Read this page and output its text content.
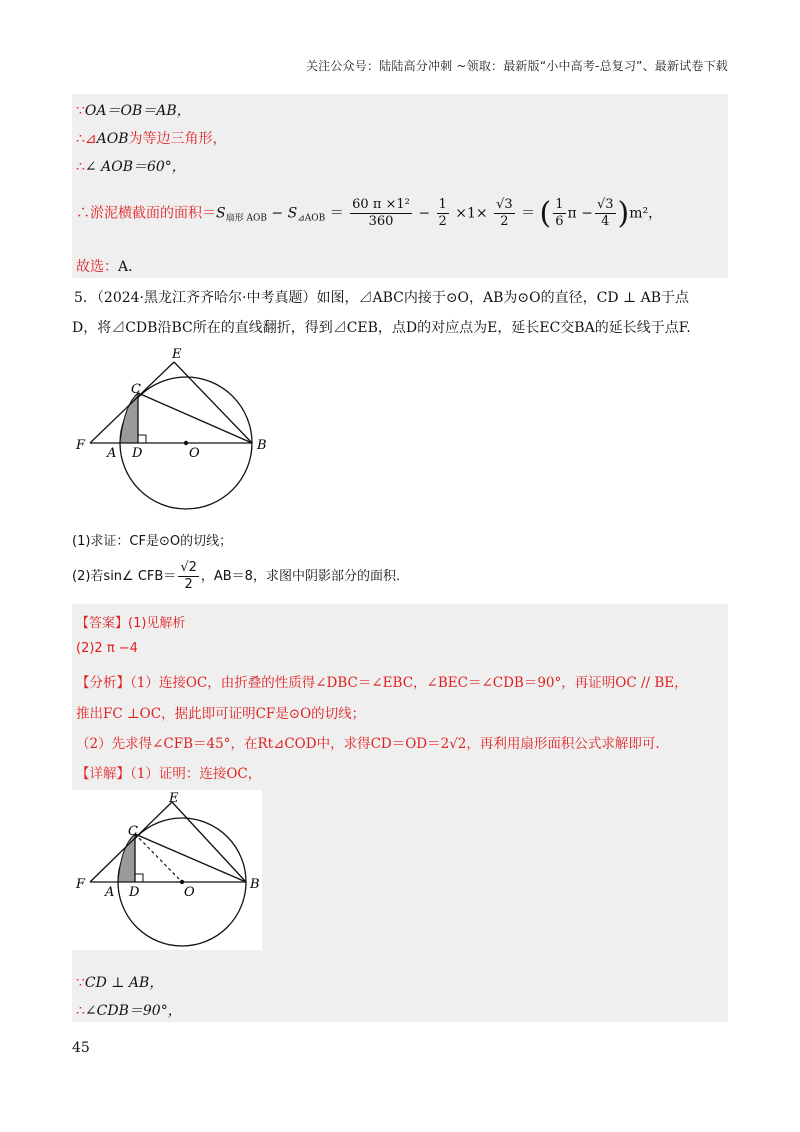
关注公众号：陆陆高分冲刺 ~领取：最新版“小中高考-总复习”、最新试卷下载
∵OA＝OB＝AB，
∴⊿AOB为等边三角形，
∴∠ AOB＝60°，
∴淤泥横截面的面积$=S_{扇形 AOB} - S_{⊿AOB} = \frac{\text{60 π ×1²}}{360} - \frac{1}{2} \times 1\times \frac{√3}{2}$ ＝ ( $\frac{1}{6}$ $\pi - \frac{√3}{4} )m^2$，
故选：A．
5．（2024·黑龙江齐齐哈尔·中考真题）如图，⊿ABC内接于⊙O，AB为⊙O的直径，CD ⊥ AB于点
D，将⊿CDB沿BC所在的直线翻折，得到⊿CEB，点D的对应点为E，延长EC交BA的延长线于点F.
E
C
F
A D	O
B
(1)求证：CF是⊙O的切线；
(2)若sin∠ $CFB= \frac{√2}{2}$ ，AB＝8，求图中阴影部分的面积．
【答案】(1)见解析
(2)2 π −4
【分析】（1）连接OC，由折叠的性质得∠DBC＝∠EBC，∠BEC＝∠CDB＝90°，再证明OC // BE，
推出FC ⊥OC，据此即可证明CF是⊙O的切线；
（2）先求得∠CFB＝45°，在Rt⊿COD中，求得CD＝OD＝2√2，再利用扇形面积公式求解即可.
【详解】（1）证明：连接OC，
E
C
F
A D	O
B
∵CD ⊥ AB，
∴∠CDB＝90°，
45
